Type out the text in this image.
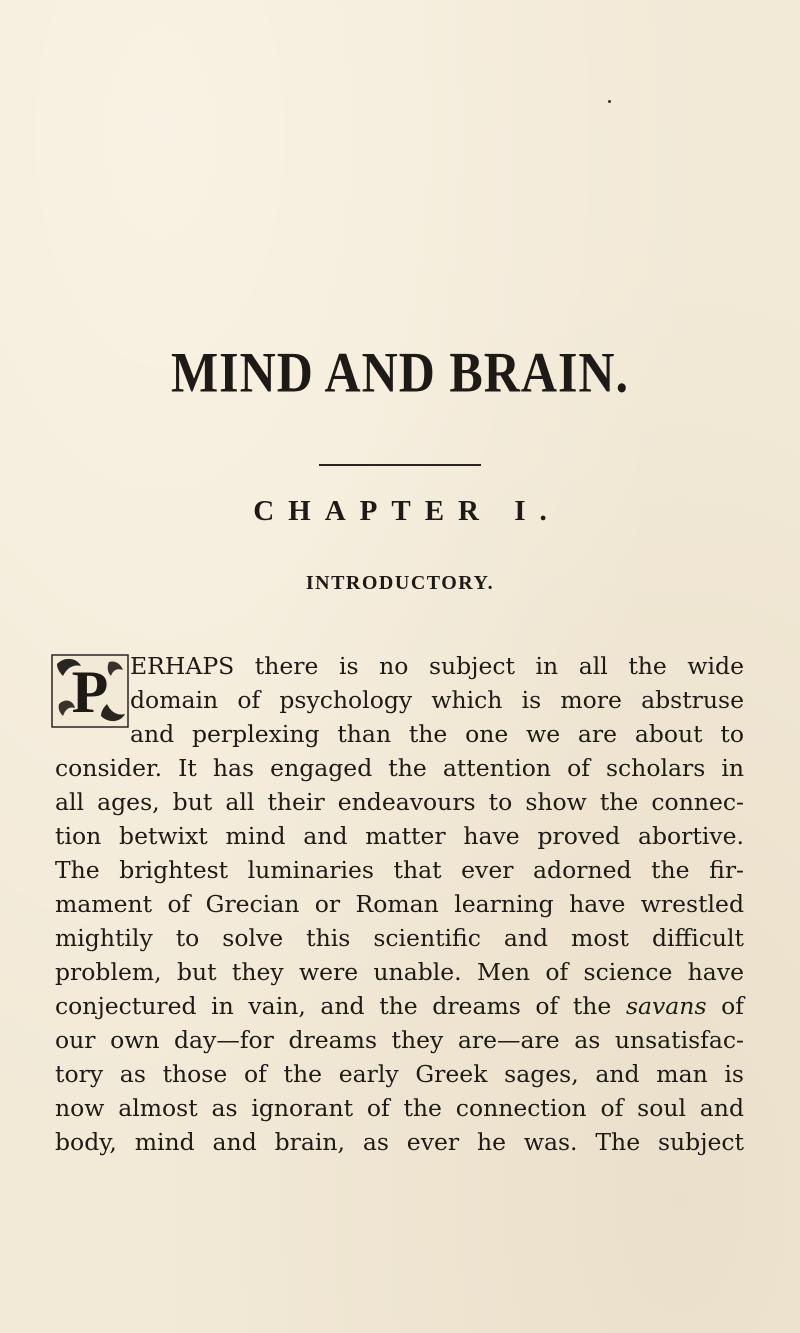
MIND AND BRAIN.
CHAPTER I.
INTRODUCTORY.
P ERHAPS there is no subject in all the wide

domain of psychology which is more abstruse

and perplexing than the one we are about to

consider. It has engaged the attention of scholars in

all ages, but all their endeavours to show the connec-

tion betwixt mind and matter have proved abortive.

The brightest luminaries that ever adorned the fir-

mament of Grecian or Roman learning have wrestled

mightily to solve this scientific and most difficult

problem, but they were unable. Men of science have

conjectured in vain, and the dreams of the savans of

our own day—for dreams they are—are as unsatisfac-

tory as those of the early Greek sages, and man is

now almost as ignorant of the connection of soul and

body, mind and brain, as ever he was. The subject
